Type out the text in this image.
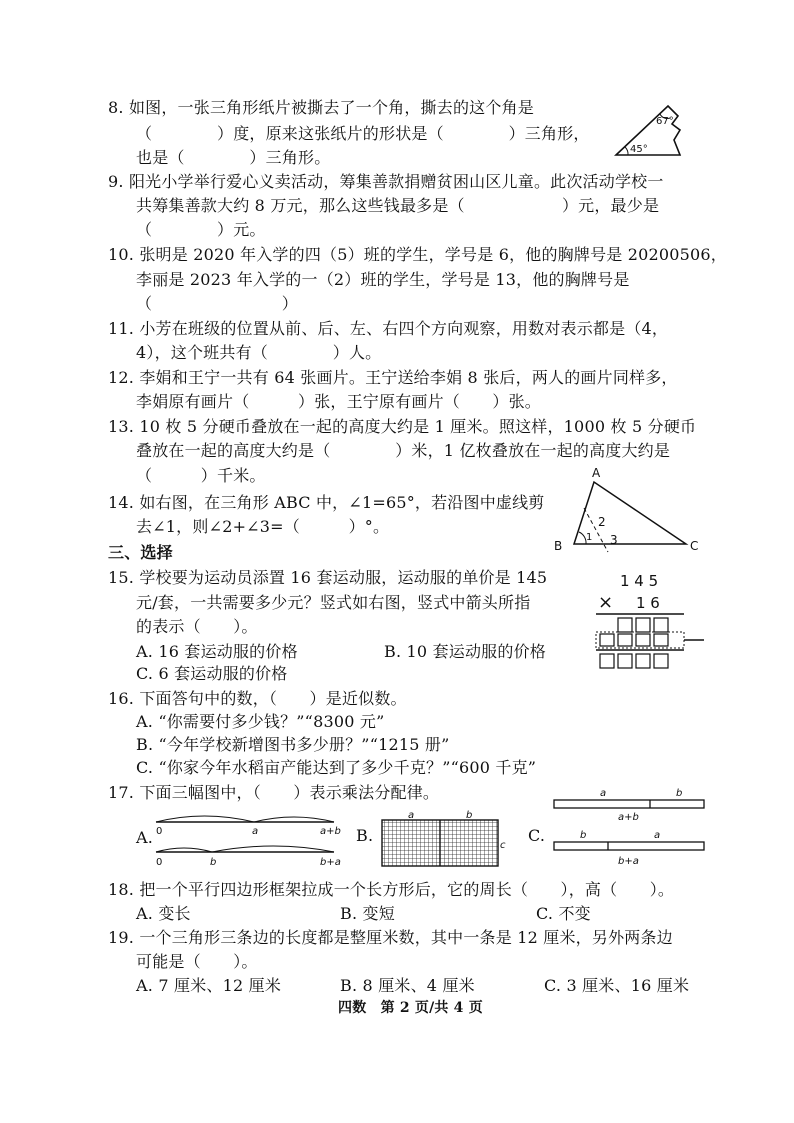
8. 如图，一张三角形纸片被撕去了一个角，撕去的这个角是
（　　　　）度，原来这张纸片的形状是（　　　　）三角形，
也是（　　　　）三角形。
67°
45°
9. 阳光小学举行爱心义卖活动，筹集善款捐赠贫困山区儿童。此次活动学校一
共筹集善款大约 8 万元，那么这些钱最多是（　　　　　　）元，最少是
（　　　　）元。
10. 张明是 2020 年入学的四（5）班的学生，学号是 6，他的胸牌号是 20200506，
李丽是 2023 年入学的一（2）班的学生，学号是 13，他的胸牌号是
（　　　　　　　　）
11. 小芳在班级的位置从前、后、左、右四个方向观察，用数对表示都是（4，
4），这个班共有（　　　　）人。
12. 李娟和王宁一共有 64 张画片。王宁送给李娟 8 张后，两人的画片同样多，
李娟原有画片（　　　）张，王宁原有画片（　　）张。
13. 10 枚 5 分硬币叠放在一起的高度大约是 1 厘米。照这样，1000 枚 5 分硬币
叠放在一起的高度大约是（　　　　）米，1 亿枚叠放在一起的高度大约是
（　　　）千米。
14. 如右图，在三角形 ABC 中，∠1=65°，若沿图中虚线剪
去∠1，则∠2+∠3=（　　　）°。
A
B	C
1
2
3
三、选择
15. 学校要为运动员添置 16 套运动服，运动服的单价是 145
元/套，一共需要多少元？竖式如右图，竖式中箭头所指
的表示（　　）。
A. 16 套运动服的价格	B. 10 套运动服的价格
C. 6 套运动服的价格
1 4 5
× 1 6
16. 下面答句中的数，（　　）是近似数。
A. “你需要付多少钱？”“8300 元”
B. “今年学校新增图书多少册？”“1215 册”
C. “你家今年水稻亩产能达到了多少千克？”“600 千克”
17. 下面三幅图中，（　　）表示乘法分配律。
A. 0	a	a+b
0	b	b+a
B.
a	b
c
C.
a	b
a+b
b	a
b+a
18. 把一个平行四边形框架拉成一个长方形后，它的周长（　　），高（　　）。
A. 变长	B. 变短	C. 不变
19. 一个三角形三条边的长度都是整厘米数，其中一条是 12 厘米，另外两条边
可能是（　　）。
A. 7 厘米、12 厘米	B. 8 厘米、4 厘米	C. 3 厘米、16 厘米
四数　第 2 页/共 4 页
